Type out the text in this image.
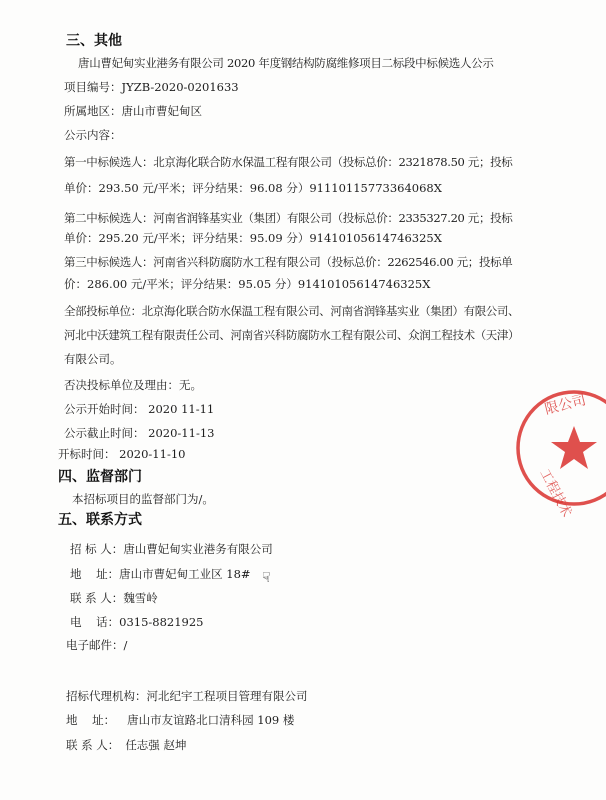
三、其他
唐山曹妃甸实业港务有限公司 2020 年度钢结构防腐维修项目二标段中标候选人公示
项目编号：JYZB-2020-0201633
所属地区：唐山市曹妃甸区
公示内容：
第一中标候选人：北京海化联合防水保温工程有限公司（投标总价：2321878.50 元；投标
单价：293.50 元/平米；评分结果：96.08 分）91110115773364068X
第二中标候选人：河南省润锋基实业（集团）有限公司（投标总价：2335327.20 元；投标
单价：295.20 元/平米；评分结果：95.09 分）91410105614746325X
第三中标候选人：河南省兴科防腐防水工程有限公司（投标总价：2262546.00 元；投标单
价：286.00 元/平米；评分结果：95.05 分）91410105614746325X
全部投标单位：北京海化联合防水保温工程有限公司、河南省润锋基实业（集团）有限公司、
河北中沃建筑工程有限责任公司、河南省兴科防腐防水工程有限公司、众润工程技术（天津）
有限公司。
否决投标单位及理由：无。
公示开始时间： 2020 11-11
公示截止时间： 2020-11-13
开标时间： 2020-11-10
四、监督部门
本招标项目的监督部门为/。
五、联系方式
招 标 人：唐山曹妃甸实业港务有限公司
地    址：唐山市曹妃甸工业区 18#
联 系 人：魏雪岭
电    话：0315-8821925
电子邮件：/
招标代理机构：河北纪宇工程项目管理有限公司
地    址： 唐山市友谊路北口清科园 109 楼
联 系 人： 任志强 赵坤
☟
限公司
工程技术
